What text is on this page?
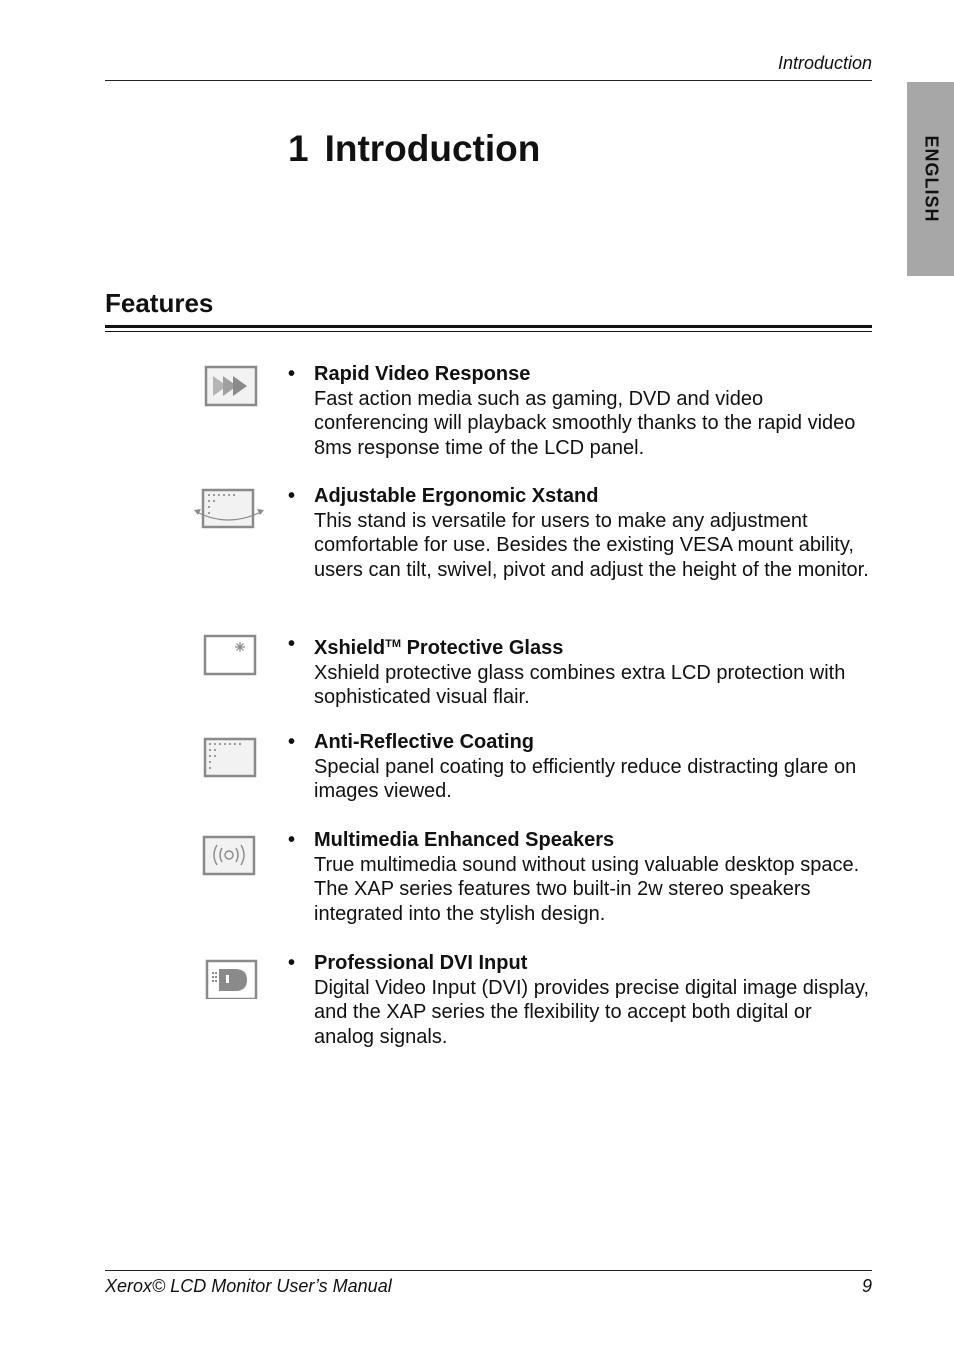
Introduction
ENGLISH
1 Introduction
Features
• Rapid Video Response
Fast action media such as gaming, DVD and video conferencing will playback smoothly thanks to the rapid video 8ms response time of the LCD panel.
• Adjustable Ergonomic Xstand
This stand is versatile for users to make any adjustment comfortable for use. Besides the existing VESA mount ability, users can tilt, swivel, pivot and adjust the height of the monitor.
• Xshield™ Protective Glass
Xshield protective glass combines extra LCD protection with sophisticated visual flair.
• Anti-Reflective Coating
Special panel coating to efficiently reduce distracting glare on images viewed.
• Multimedia Enhanced Speakers
True multimedia sound without using valuable desktop space. The XAP series features two built-in 2w stereo speakers integrated into the stylish design.
• Professional DVI Input
Digital Video Input (DVI) provides precise digital image display, and the XAP series the flexibility to accept both digital or analog signals.
Xerox© LCD Monitor User’s Manual	9
